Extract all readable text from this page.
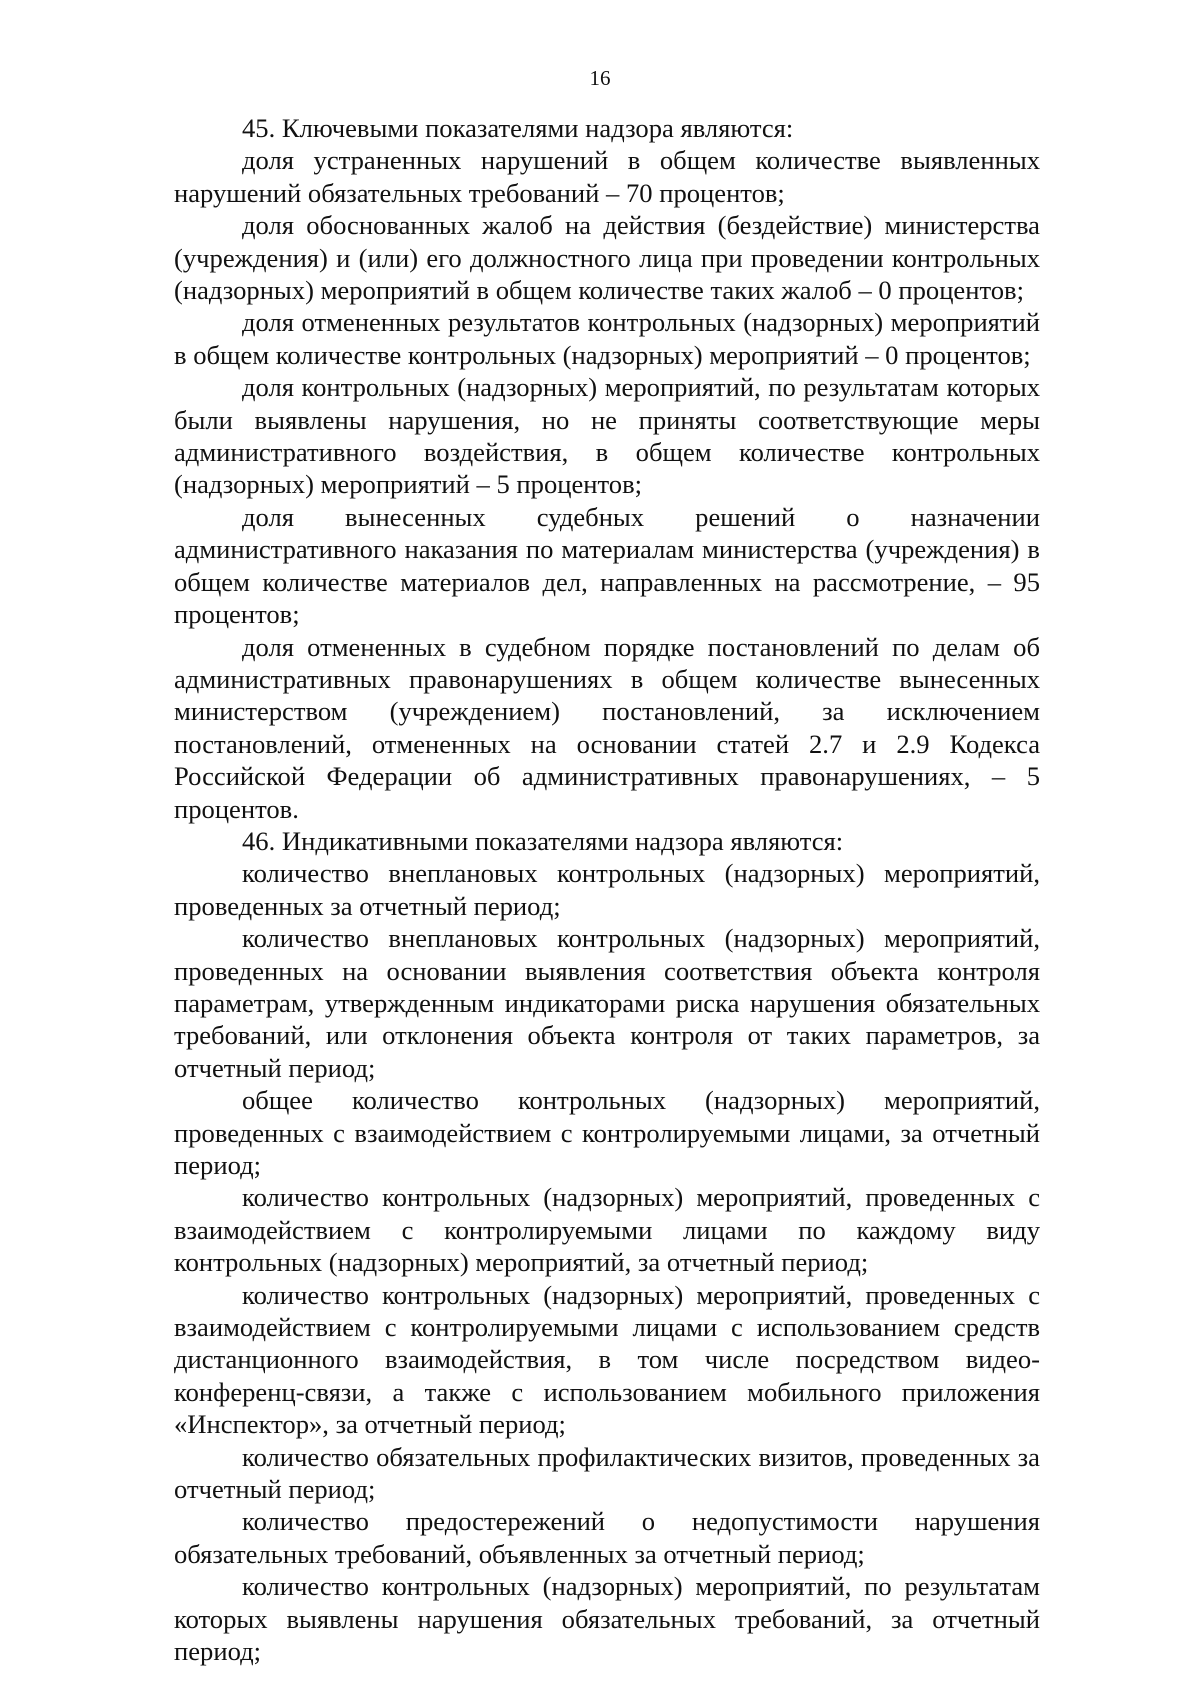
16

45. Ключевыми показателями надзора являются:

доля устраненных нарушений в общем количестве выявленных нарушений обязательных требований – 70 процентов;

доля обоснованных жалоб на действия (бездействие) министерства (учреждения) и (или) его должностного лица при проведении контрольных (надзорных) мероприятий в общем количестве таких жалоб – 0 процентов;

доля отмененных результатов контрольных (надзорных) мероприятий в общем количестве контрольных (надзорных) мероприятий – 0 процентов;

доля контрольных (надзорных) мероприятий, по результатам которых были выявлены нарушения, но не приняты соответствующие меры административного воздействия, в общем количестве контрольных (надзорных) мероприятий – 5 процентов;

доля вынесенных судебных решений о назначении административного наказания по материалам министерства (учреждения) в общем количестве материалов дел, направленных на рассмотрение, – 95 процентов;

доля отмененных в судебном порядке постановлений по делам об административных правонарушениях в общем количестве вынесенных министерством (учреждением) постановлений, за исключением постановлений, отмененных на основании статей 2.7 и 2.9 Кодекса Российской Федерации об административных правонарушениях, – 5 процентов.

46. Индикативными показателями надзора являются:

количество внеплановых контрольных (надзорных) мероприятий, проведенных за отчетный период;

количество внеплановых контрольных (надзорных) мероприятий, проведенных на основании выявления соответствия объекта контроля параметрам, утвержденным индикаторами риска нарушения обязательных требований, или отклонения объекта контроля от таких параметров, за отчетный период;

общее количество контрольных (надзорных) мероприятий, проведенных с взаимодействием с контролируемыми лицами, за отчетный период;

количество контрольных (надзорных) мероприятий, проведенных с взаимодействием с контролируемыми лицами по каждому виду контрольных (надзорных) мероприятий, за отчетный период;

количество контрольных (надзорных) мероприятий, проведенных с взаимодействием с контролируемыми лицами с использованием средств дистанционного взаимодействия, в том числе посредством видео-конференц-связи, а также с использованием мобильного приложения «Инспектор», за отчетный период;

количество обязательных профилактических визитов, проведенных за отчетный период;

количество предостережений о недопустимости нарушения обязательных требований, объявленных за отчетный период;

количество контрольных (надзорных) мероприятий, по результатам которых выявлены нарушения обязательных требований, за отчетный период;
